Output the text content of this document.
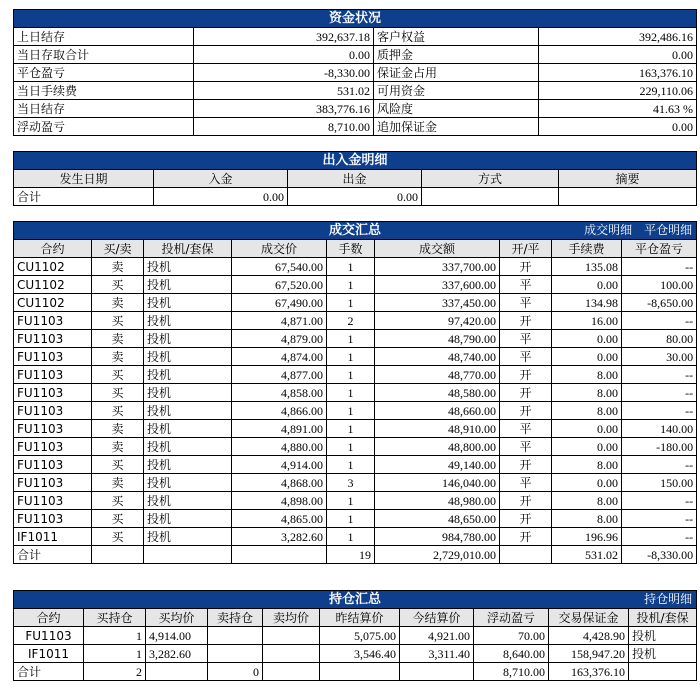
资金状况			
上日结存	392,637.18	客户权益	392,486.16
当日存取合计	0.00	质押金	0.00
平仓盈亏	-8,330.00	保证金占用	163,376.10
当日手续费	531.02	可用资金	229,110.06
当日结存	383,776.16	风险度	41.63 %
浮动盈亏	8,710.00	追加保证金	0.00
出入金明细				
发生日期	入金	出金	方式	摘要
合计	0.00	0.00		
成交汇总 成交明细 平仓明细								

合约	买/卖	投机/套保	成交价	手数	成交额	开/平	手续费	平仓盈亏
CU1102	卖	投机	67,540.00	1	337,700.00	开	135.08	--
CU1102	买	投机	67,520.00	1	337,600.00	平	0.00	100.00
CU1102	卖	投机	67,490.00	1	337,450.00	平	134.98	-8,650.00
FU1103	买	投机	4,871.00	2	97,420.00	开	16.00	--
FU1103	卖	投机	4,879.00	1	48,790.00	平	0.00	80.00
FU1103	卖	投机	4,874.00	1	48,740.00	平	0.00	30.00
FU1103	买	投机	4,877.00	1	48,770.00	开	8.00	--
FU1103	买	投机	4,858.00	1	48,580.00	开	8.00	--
FU1103	买	投机	4,866.00	1	48,660.00	开	8.00	--
FU1103	卖	投机	4,891.00	1	48,910.00	平	0.00	140.00
FU1103	卖	投机	4,880.00	1	48,800.00	平	0.00	-180.00
FU1103	买	投机	4,914.00	1	49,140.00	开	8.00	--
FU1103	卖	投机	4,868.00	3	146,040.00	平	0.00	150.00
FU1103	买	投机	4,898.00	1	48,980.00	开	8.00	--
FU1103	买	投机	4,865.00	1	48,650.00	开	8.00	--
IF1011	买	投机	3,282.60	1	984,780.00	开	196.96	--
合计				19	2,729,010.00		531.02	-8,330.00
持仓汇总 持仓明细									

合约	买持仓	买均价	卖持仓	卖均价	昨结算价	今结算价	浮动盈亏	交易保证金	投机/套保
FU1103	1	4,914.00			5,075.00	4,921.00	70.00	4,428.90	投机
IF1011	1	3,282.60			3,546.40	3,311.40	8,640.00	158,947.20	投机
合计	2		0				8,710.00	163,376.10	
